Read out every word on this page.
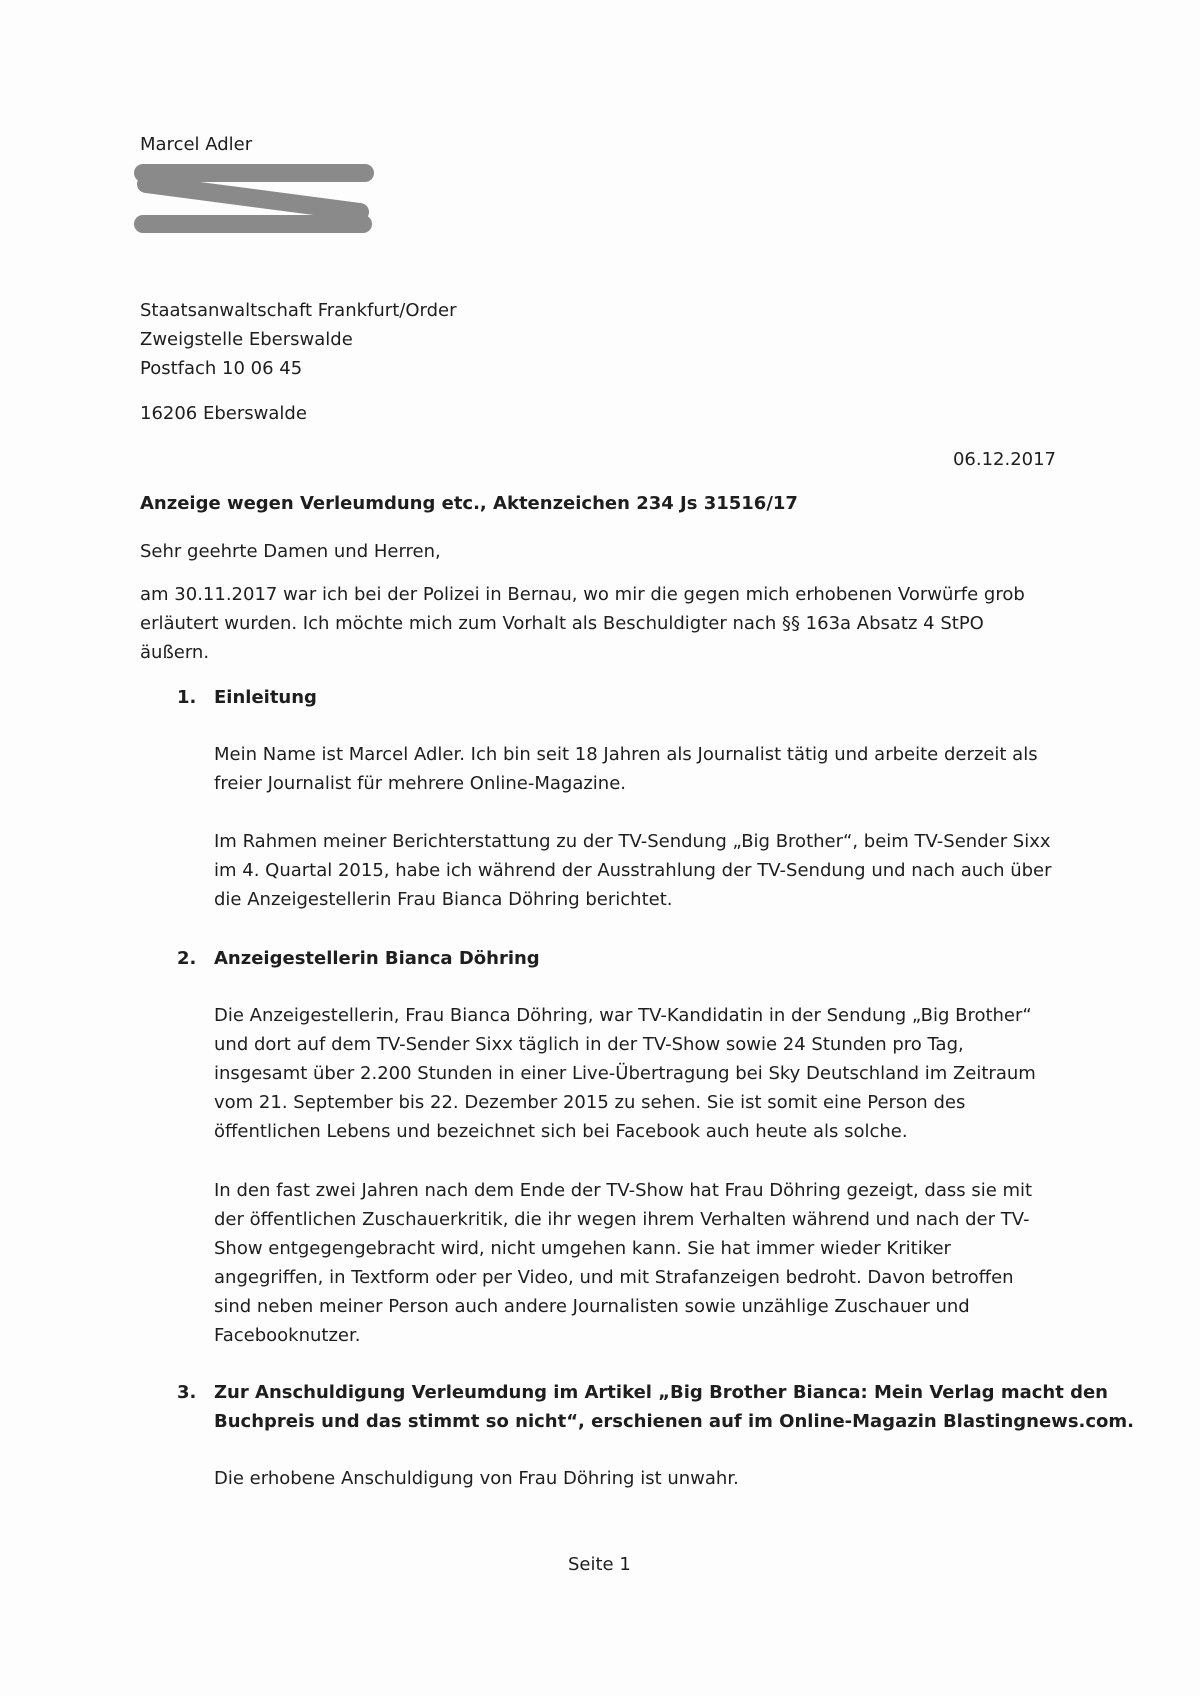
Marcel Adler
Staatsanwaltschaft Frankfurt/Order
Zweigstelle Eberswalde
Postfach 10 06 45
16206 Eberswalde
06.12.2017
Anzeige wegen Verleumdung etc., Aktenzeichen 234 Js 31516/17
Sehr geehrte Damen und Herren,
am 30.11.2017 war ich bei der Polizei in Bernau, wo mir die gegen mich erhobenen Vorwürfe grob
erläutert wurden. Ich möchte mich zum Vorhalt als Beschuldigter nach §§ 163a Absatz 4 StPO
äußern.
1. Einleitung
Mein Name ist Marcel Adler. Ich bin seit 18 Jahren als Journalist tätig und arbeite derzeit als
freier Journalist für mehrere Online-Magazine.
Im Rahmen meiner Berichterstattung zu der TV-Sendung „Big Brother“, beim TV-Sender Sixx
im 4. Quartal 2015, habe ich während der Ausstrahlung der TV-Sendung und nach auch über
die Anzeigestellerin Frau Bianca Döhring berichtet.
2. Anzeigestellerin Bianca Döhring
Die Anzeigestellerin, Frau Bianca Döhring, war TV-Kandidatin in der Sendung „Big Brother“
und dort auf dem TV-Sender Sixx täglich in der TV-Show sowie 24 Stunden pro Tag,
insgesamt über 2.200 Stunden in einer Live-Übertragung bei Sky Deutschland im Zeitraum
vom 21. September bis 22. Dezember 2015 zu sehen. Sie ist somit eine Person des
öffentlichen Lebens und bezeichnet sich bei Facebook auch heute als solche.
In den fast zwei Jahren nach dem Ende der TV-Show hat Frau Döhring gezeigt, dass sie mit
der öffentlichen Zuschauerkritik, die ihr wegen ihrem Verhalten während und nach der TV-
Show entgegengebracht wird, nicht umgehen kann. Sie hat immer wieder Kritiker
angegriffen, in Textform oder per Video, und mit Strafanzeigen bedroht. Davon betroffen
sind neben meiner Person auch andere Journalisten sowie unzählige Zuschauer und
Facebooknutzer.
3. Zur Anschuldigung Verleumdung im Artikel „Big Brother Bianca: Mein Verlag macht den
Buchpreis und das stimmt so nicht“, erschienen auf im Online-Magazin Blastingnews.com.
Die erhobene Anschuldigung von Frau Döhring ist unwahr.
Seite 1
